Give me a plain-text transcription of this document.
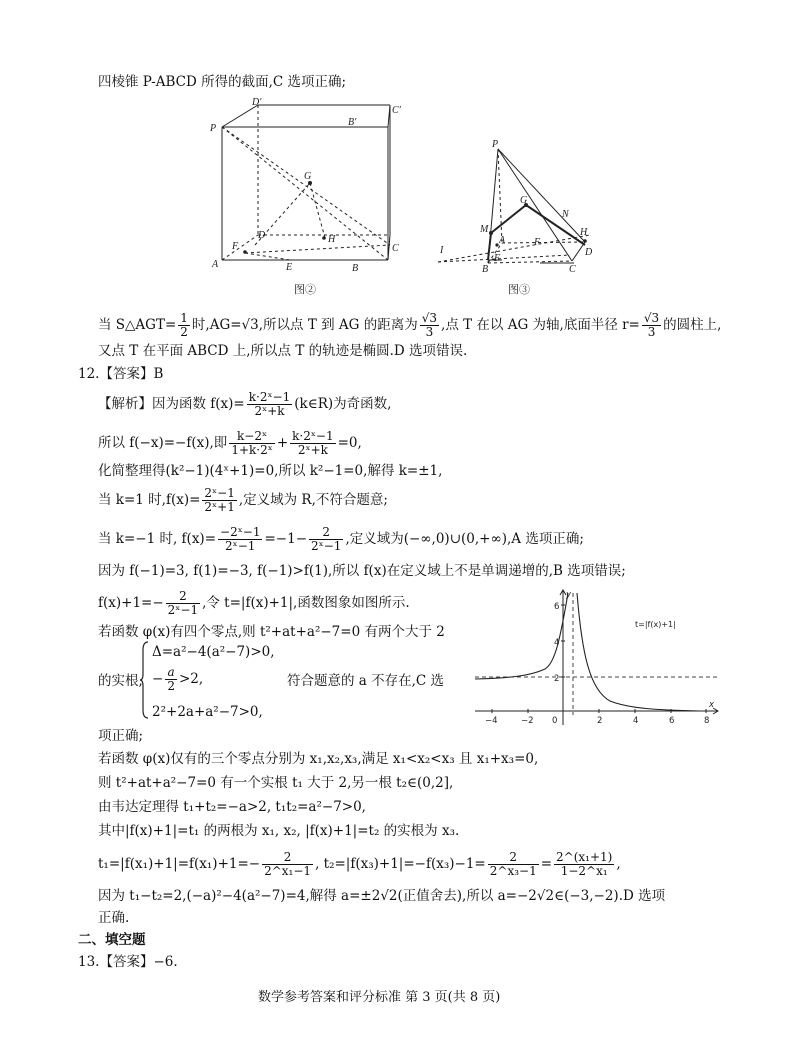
四棱锥 P-ABCD 所得的截面,C 选项正确;
P
D′
C′
B′
G
D
F
H
A	E	B
C
图②
P
G
N
M
A
H
I
F
F
D
B	C
图③
当 S△AGT= $\frac{1}{2}$ 时,AG=√3,所以点 T 到 AG 的距离为 $\frac{√3}{3}$ ,点 T 在以 AG 为轴,底面半径 $r= \frac{√3}{3}$ 的圆柱上,
又点 T 在平面 ABCD 上,所以点 T 的轨迹是椭圆.D 选项错误.
12.【答案】B
【解析】因为函数 $f(x)= \frac{\text{k·2ˣ−1}}{\text{2ˣ+k}}$ (k∈R)为奇函数,
所以 f(−x)=−f(x),即 $\frac{\text{k−2ˣ}}{\text{1+k·2ˣ}} + \frac{\text{k·2ˣ−1}}{\text{2ˣ+k}} =0$,
化简整理得(k²−1)(4ˣ+1)=0,所以 k²−1=0,解得 k=±1,
当 k=1 时$,f(x)= \frac{\text{2ˣ−1}}{\text{2ˣ+1}}$ ,定义域为 R,不符合题意;
当 k=−1 时, $f(x)= \frac{\text{−2ˣ−1}}{\text{2ˣ−1}} =-1- \frac{2}{\text{2ˣ−1}}$ ,定义域为(−∞,0)∪(0,+∞),A 选项正确;
因为 f(−1)=3, f(1)=−3, f(−1)>f(1),所以 f(x)在定义域上不是单调递增的,B 选项错误;
$f(x)+1=- \frac{2}{\text{2ˣ−1}}$ ,令 t=|f(x)+1|,函数图象如图所示.
若函数 φ(x)有四个零点,则 t²+at+a²−7=0 有两个大于 2
的实根,
Δ=a²−4(a²−7)>0,
− $\frac{a}{2} >2$,
2²+2a+a²−7>0,
符合题意的 a 不存在,C 选
项正确;
−4	−2 0	2	4	6	8
6
4
2
x
y
t=|f(x)+1|
若函数 φ(x)仅有的三个零点分别为 x₁,x₂,x₃,满足 x₁<x₂<x₃ 且 x₁+x₃=0,
则 t²+at+a²−7=0 有一个实根 t₁ 大于 2,另一根 t₂∈(0,2],
由韦达定理得 t₁+t₂=−a>2, t₁t₂=a²−7>0,
其中|f(x)+1|=t₁ 的两根为 x₁, x₂, |f(x)+1|=t₂ 的实根为 x₃.
$t_1=|f(x_1)+1|=f(x_1)+1=- \frac{2}{\text{2\textasciicircum{}x₁−1}}$ , $t_2=|f(x_3)+1|=-f(x_3)-1= \frac{2}{\text{2\textasciicircum{}x₃−1}} = \frac{\text{2\textasciicircum{}(x₁+1)}}{\text{1−2\textasciicircum{}x₁}}$ ,
因为 t₁−t₂=2,(−a)²−4(a²−7)=4,解得 a=±2√2(正值舍去),所以 a=−2√2∈(−3,−2).D 选项
正确.
二、填空题
13.【答案】−6.
数学参考答案和评分标准 第 3 页(共 8 页)
